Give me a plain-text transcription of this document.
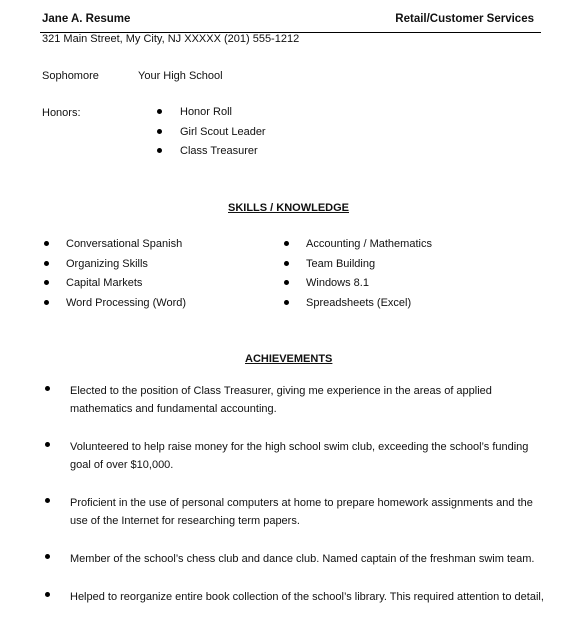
Jane A. Resume	Retail/Customer Services
321 Main Street, My City, NJ XXXXX (201) 555-1212
Sophomore	Your High School
Honors:	Honor Roll
Girl Scout Leader
Class Treasurer
SKILLS / KNOWLEDGE
Conversational Spanish
Organizing Skills
Capital Markets
Word Processing (Word)
Accounting / Mathematics
Team Building
Windows 8.1
Spreadsheets (Excel)
ACHIEVEMENTS
Elected to the position of Class Treasurer, giving me experience in the areas of applied mathematics and fundamental accounting.
Volunteered to help raise money for the high school swim club, exceeding the school’s funding goal of over $10,000.
Proficient in the use of personal computers at home to prepare homework assignments and the use of the Internet for researching term papers.
Member of the school’s chess club and dance club. Named captain of the freshman swim team.
Helped to reorganize entire book collection of the school’s library. This required attention to detail,
